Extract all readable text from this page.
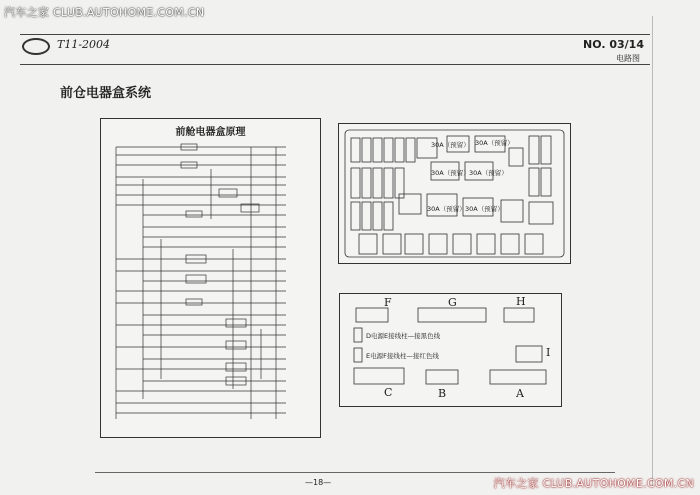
汽车之家 CLUB.AUTOHOME.COM.CN
T11-2004	NO. 03/14
电路图
前仓电器盒系统
前舱电器盒原理
30A（预留） 30A（预留）
30A（预留） 30A（预留）
30A（预留） 30A（预留）
F	G	H
C	B	A
I
D电源E接线柱—接黑色线
E电源F接线柱—接红色线
—18—	汽车之家 CLUB.AUTOHOME.COM.CN
